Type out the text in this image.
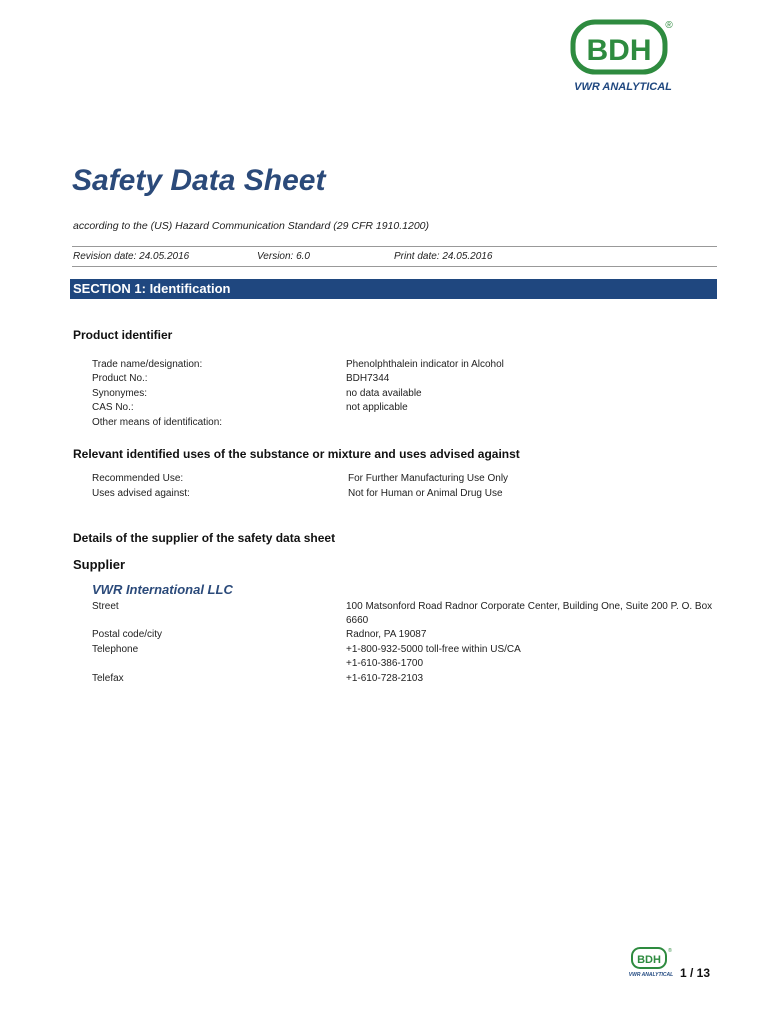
BDH
®
VWR ANALYTICAL
Safety Data Sheet
according to the (US) Hazard Communication Standard (29 CFR 1910.1200)
Revision date: 24.05.2016	Version: 6.0	Print date: 24.05.2016
SECTION 1: Identification
Product identifier
Trade name/designation:	Phenolphthalein indicator in Alcohol
Product No.:	BDH7344
Synonymes:	no data available
CAS No.:	not applicable
Other means of identification:
Relevant identified uses of the substance or mixture and uses advised against
Recommended Use:	For Further Manufacturing Use Only
Uses advised against:	Not for Human or Animal Drug Use
Details of the supplier of the safety data sheet
Supplier
VWR International LLC
Street	100 Matsonford Road Radnor Corporate Center, Building One, Suite 200 P. O. Box 6660
Postal code/city	Radnor, PA 19087
Telephone	+1-800-932-5000 toll-free within US/CA
+1-610-386-1700
Telefax	+1-610-728-2103
BDH
®
VWR ANALYTICAL 1 / 13
